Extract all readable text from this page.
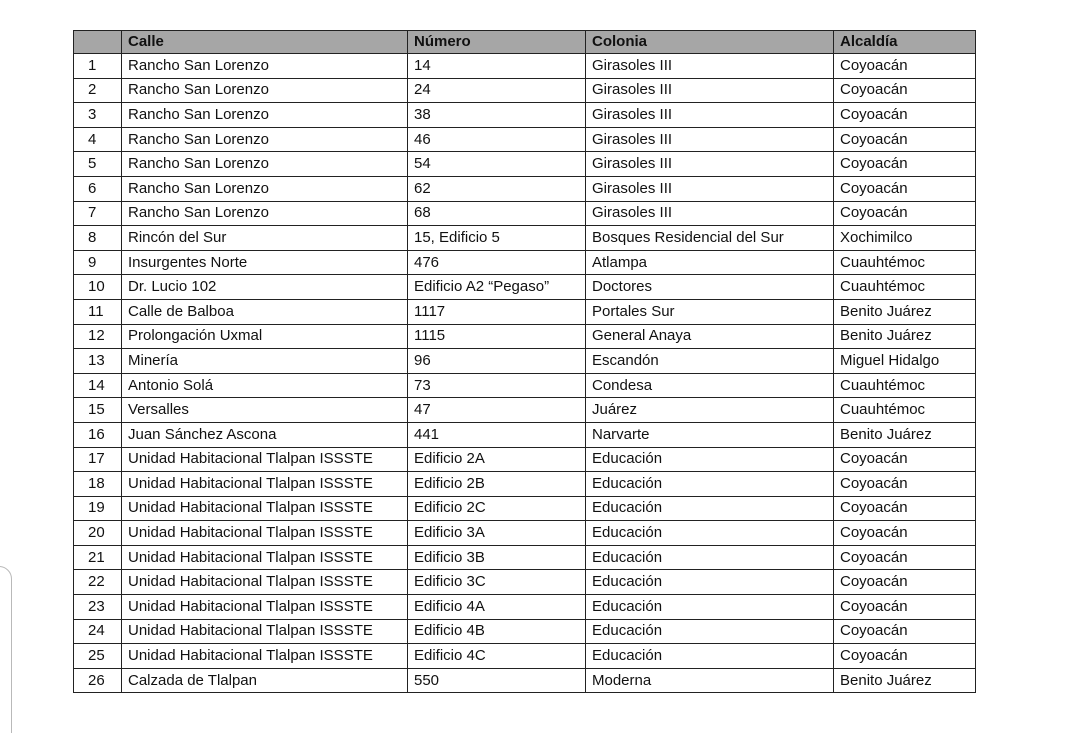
	Calle	Número	Colonia	Alcaldía
1	Rancho San Lorenzo	14	Girasoles III	Coyoacán
2	Rancho San Lorenzo	24	Girasoles III	Coyoacán
3	Rancho San Lorenzo	38	Girasoles III	Coyoacán
4	Rancho San Lorenzo	46	Girasoles III	Coyoacán
5	Rancho San Lorenzo	54	Girasoles III	Coyoacán
6	Rancho San Lorenzo	62	Girasoles III	Coyoacán
7	Rancho San Lorenzo	68	Girasoles III	Coyoacán
8	Rincón del Sur	15, Edificio 5	Bosques Residencial del Sur	Xochimilco
9	Insurgentes Norte	476	Atlampa	Cuauhtémoc
10	Dr. Lucio 102	Edificio A2 “Pegaso”	Doctores	Cuauhtémoc
11	Calle de Balboa	1117	Portales Sur	Benito Juárez
12	Prolongación Uxmal	1115	General Anaya	Benito Juárez
13	Minería	96	Escandón	Miguel Hidalgo
14	Antonio Solá	73	Condesa	Cuauhtémoc
15	Versalles	47	Juárez	Cuauhtémoc
16	Juan Sánchez Ascona	441	Narvarte	Benito Juárez
17	Unidad Habitacional Tlalpan ISSSTE	Edificio 2A	Educación	Coyoacán
18	Unidad Habitacional Tlalpan ISSSTE	Edificio 2B	Educación	Coyoacán
19	Unidad Habitacional Tlalpan ISSSTE	Edificio 2C	Educación	Coyoacán
20	Unidad Habitacional Tlalpan ISSSTE	Edificio 3A	Educación	Coyoacán
21	Unidad Habitacional Tlalpan ISSSTE	Edificio 3B	Educación	Coyoacán
22	Unidad Habitacional Tlalpan ISSSTE	Edificio 3C	Educación	Coyoacán
23	Unidad Habitacional Tlalpan ISSSTE	Edificio 4A	Educación	Coyoacán
24	Unidad Habitacional Tlalpan ISSSTE	Edificio 4B	Educación	Coyoacán
25	Unidad Habitacional Tlalpan ISSSTE	Edificio 4C	Educación	Coyoacán
26	Calzada de Tlalpan	550	Moderna	Benito Juárez
